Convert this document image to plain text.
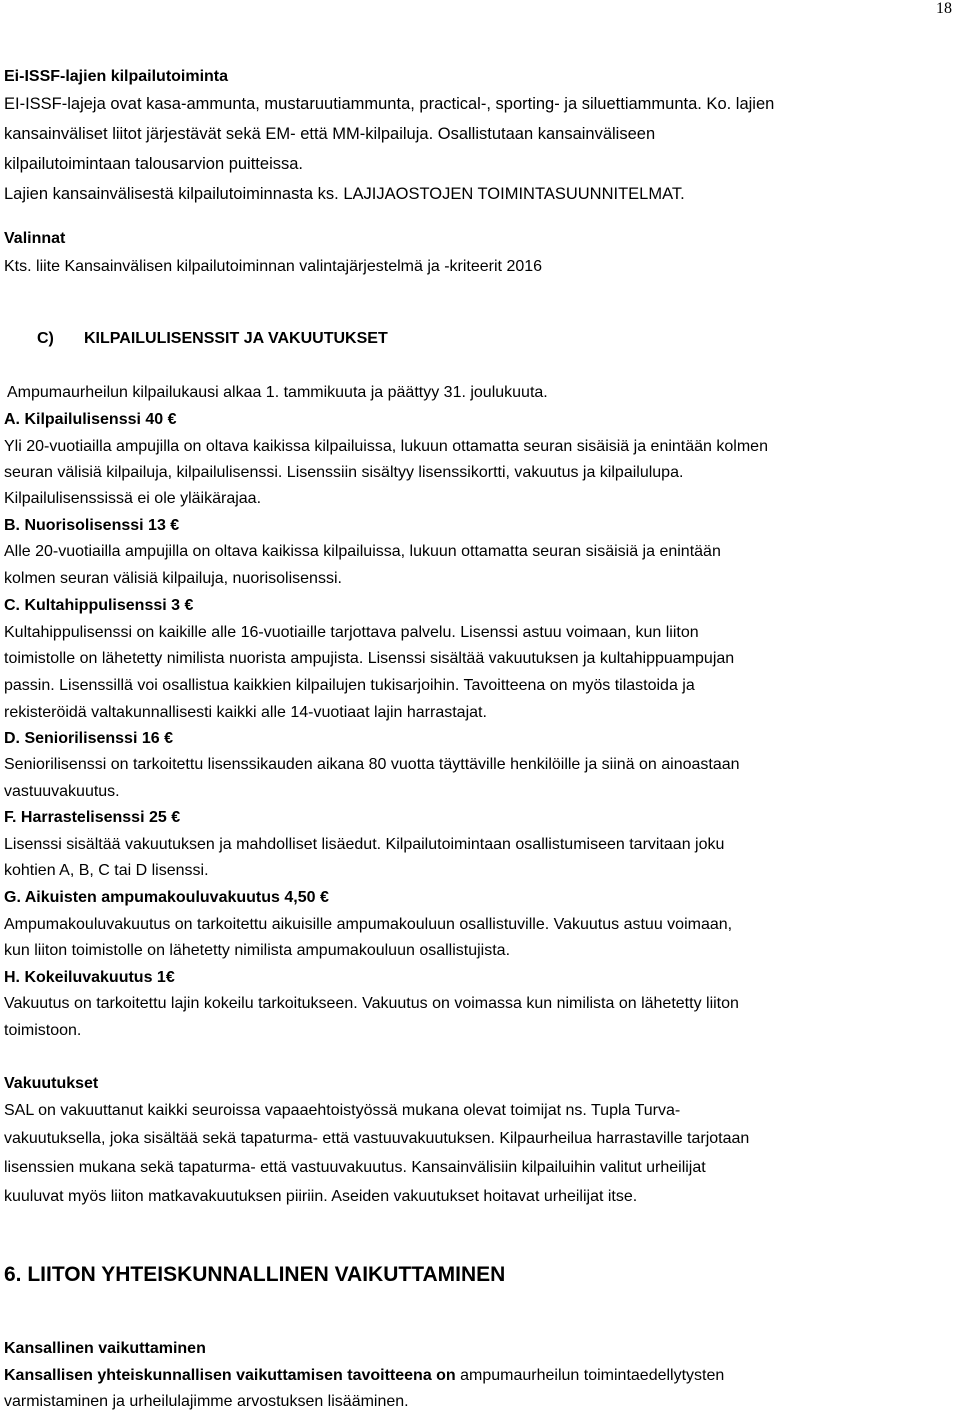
18
Ei-ISSF-lajien kilpailutoiminta
EI-ISSF-lajeja ovat kasa-ammunta, mustaruutiammunta, practical-, sporting- ja siluettiammunta. Ko. lajien
kansainväliset liitot järjestävät sekä EM- että MM-kilpailuja. Osallistutaan kansainväliseen
kilpailutoimintaan talousarvion puitteissa.
Lajien kansainvälisestä kilpailutoiminnasta ks. LAJIJAOSTOJEN TOIMINTASUUNNITELMAT.
Valinnat
Kts. liite Kansainvälisen kilpailutoiminnan valintajärjestelmä ja -kriteerit 2016
C) KILPAILULISENSSIT JA VAKUUTUKSET
Ampumaurheilun kilpailukausi alkaa 1. tammikuuta ja päättyy 31. joulukuuta.
A. Kilpailulisenssi 40 €
Yli 20-vuotiailla ampujilla on oltava kaikissa kilpailuissa, lukuun ottamatta seuran sisäisiä ja enintään kolmen
seuran välisiä kilpailuja, kilpailulisenssi. Lisenssiin sisältyy lisenssikortti, vakuutus ja kilpailulupa.
Kilpailulisenssissä ei ole yläikärajaa.
B. Nuorisolisenssi 13 €
Alle 20-vuotiailla ampujilla on oltava kaikissa kilpailuissa, lukuun ottamatta seuran sisäisiä ja enintään
kolmen seuran välisiä kilpailuja, nuorisolisenssi.
C. Kultahippulisenssi 3 €
Kultahippulisenssi on kaikille alle 16-vuotiaille tarjottava palvelu. Lisenssi astuu voimaan, kun liiton
toimistolle on lähetetty nimilista nuorista ampujista. Lisenssi sisältää vakuutuksen ja kultahippuampujan
passin. Lisenssillä voi osallistua kaikkien kilpailujen tukisarjoihin. Tavoitteena on myös tilastoida ja
rekisteröidä valtakunnallisesti kaikki alle 14-vuotiaat lajin harrastajat.
D. Seniorilisenssi 16 €
Seniorilisenssi on tarkoitettu lisenssikauden aikana 80 vuotta täyttäville henkilöille ja siinä on ainoastaan
vastuuvakuutus.
F. Harrastelisenssi 25 €
Lisenssi sisältää vakuutuksen ja mahdolliset lisäedut. Kilpailutoimintaan osallistumiseen tarvitaan joku
kohtien A, B, C tai D lisenssi.
G. Aikuisten ampumakouluvakuutus 4,50 €
Ampumakouluvakuutus on tarkoitettu aikuisille ampumakouluun osallistuville. Vakuutus astuu voimaan,
kun liiton toimistolle on lähetetty nimilista ampumakouluun osallistujista.
H. Kokeiluvakuutus 1€
Vakuutus on tarkoitettu lajin kokeilu tarkoitukseen. Vakuutus on voimassa kun nimilista on lähetetty liiton
toimistoon.
Vakuutukset
SAL on vakuuttanut kaikki seuroissa vapaaehtoistyössä mukana olevat toimijat ns. Tupla Turva-
vakuutuksella, joka sisältää sekä tapaturma- että vastuuvakuutuksen. Kilpaurheilua harrastaville tarjotaan
lisenssien mukana sekä tapaturma- että vastuuvakuutus. Kansainvälisiin kilpailuihin valitut urheilijat
kuuluvat myös liiton matkavakuutuksen piiriin. Aseiden vakuutukset hoitavat urheilijat itse.
6. LIITON YHTEISKUNNALLINEN VAIKUTTAMINEN
Kansallinen vaikuttaminen
Kansallisen yhteiskunnallisen vaikuttamisen tavoitteena on ampumaurheilun toimintaedellytysten
varmistaminen ja urheilulajimme arvostuksen lisääminen.
